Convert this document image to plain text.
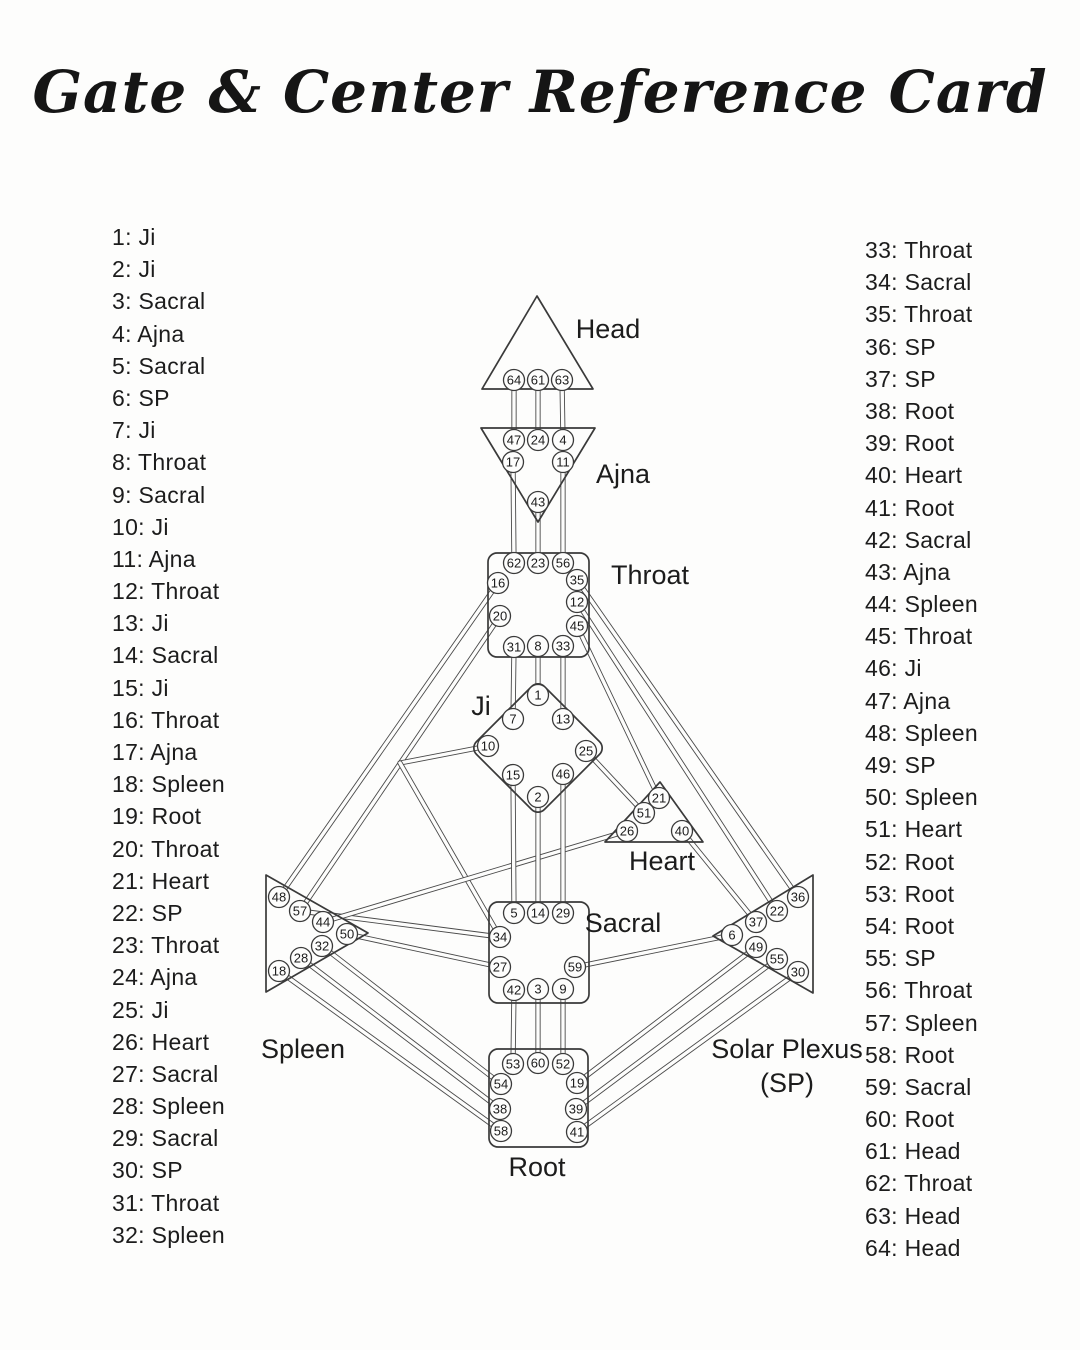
Gate & Center Reference Card
1: Ji
2: Ji
3: Sacral
4: Ajna
5: Sacral
6: SP
7: Ji
8: Throat
9: Sacral
10: Ji
11: Ajna
12: Throat
13: Ji
14: Sacral
15: Ji
16: Throat
17: Ajna
18: Spleen
19: Root
20: Throat
21: Heart
22: SP
23: Throat
24: Ajna
25: Ji
26: Heart
27: Sacral
28: Spleen
29: Sacral
30: SP
31: Throat
32: Spleen
33: Throat
34: Sacral
35: Throat
36: SP
37: SP
38: Root
39: Root
40: Heart
41: Root
42: Sacral
43: Ajna
44: Spleen
45: Throat
46: Ji
47: Ajna
48: Spleen
49: SP
50: Spleen
51: Heart
52: Root
53: Root
54: Root
55: SP
56: Throat
57: Spleen
58: Root
59: Sacral
60: Root
61: Head
62: Throat
63: Head
64: Head
Head
Ajna
Throat
Ji
Heart
Spleen
Sacral
Solar Plexus
(SP)
Root
64 61 63
47 24 4
17	11
43
62 23 56
16	35
12
20
45
31 8 33
1
7	13
10	25
15	46
2	21
51
26	40
48
57
44
50
32
28
18
5 14 29
34
27	59
42 3 9
36
22
37
6
49
55
30
53 60 52
54	19
38	39
58	41
